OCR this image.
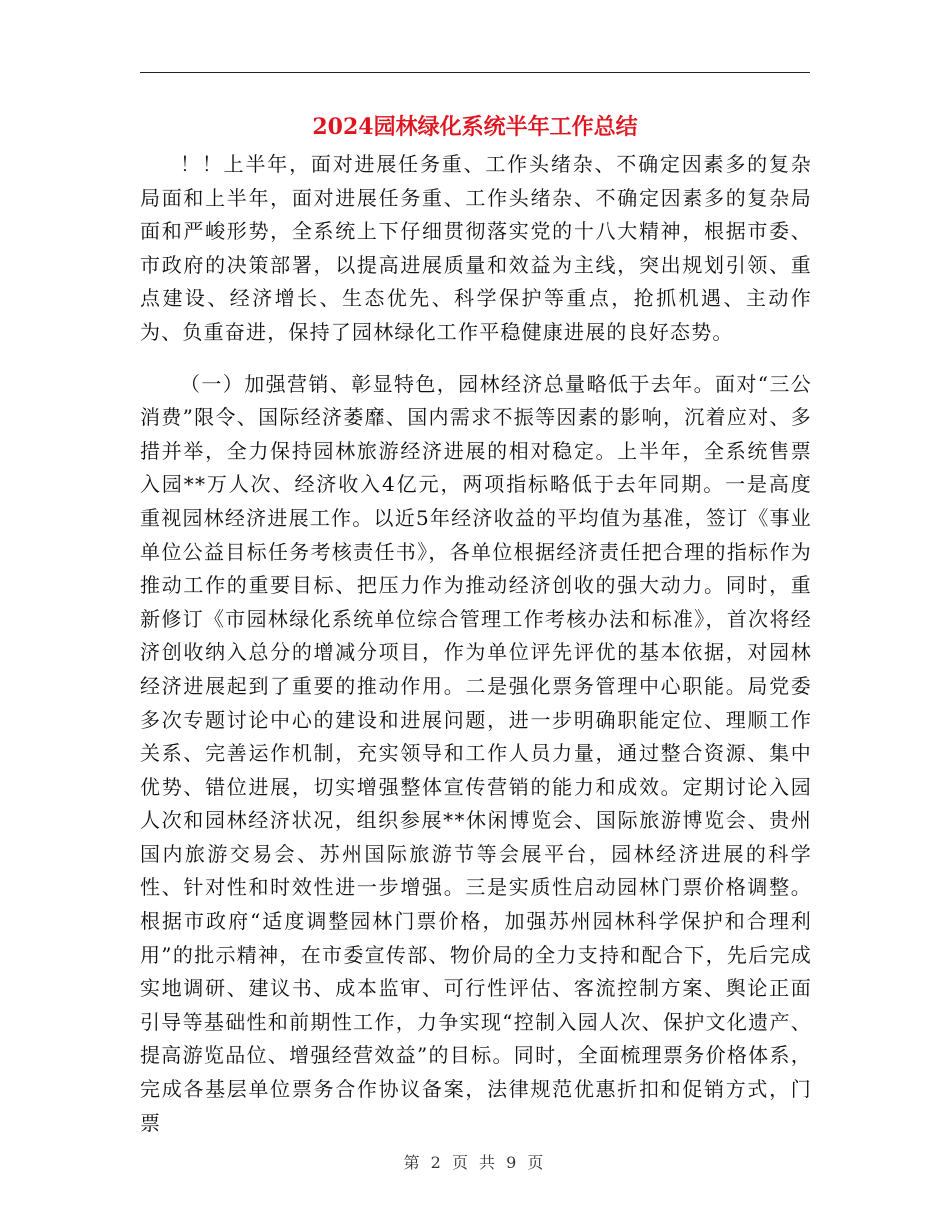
2024园林绿化系统半年工作总结

！！上半年，面对进展任务重、工作头绪杂、不确定因素多的复杂局面和上半年，面对进展任务重、工作头绪杂、不确定因素多的复杂局面和严峻形势，全系统上下仔细贯彻落实党的十八大精神，根据市委、市政府的决策部署，以提高进展质量和效益为主线，突出规划引领、重点建设、经济增长、生态优先、科学保护等重点，抢抓机遇、主动作为、负重奋进，保持了园林绿化工作平稳健康进展的良好态势。

（一）加强营销、彰显特色，园林经济总量略低于去年。面对“三公消费”限令、国际经济萎靡、国内需求不振等因素的影响，沉着应对、多措并举，全力保持园林旅游经济进展的相对稳定。上半年，全系统售票入园**万人次、经济收入4亿元，两项指标略低于去年同期。一是高度重视园林经济进展工作。以近5年经济收益的平均值为基准，签订《事业单位公益目标任务考核责任书》，各单位根据经济责任把合理的指标作为推动工作的重要目标、把压力作为推动经济创收的强大动力。同时，重新修订《市园林绿化系统单位综合管理工作考核办法和标准》，首次将经济创收纳入总分的增减分项目，作为单位评先评优的基本依据，对园林经济进展起到了重要的推动作用。二是强化票务管理中心职能。局党委多次专题讨论中心的建设和进展问题，进一步明确职能定位、理顺工作关系、完善运作机制，充实领导和工作人员力量，通过整合资源、集中优势、错位进展，切实增强整体宣传营销的能力和成效。定期讨论入园人次和园林经济状况，组织参展**休闲博览会、国际旅游博览会、贵州国内旅游交易会、苏州国际旅游节等会展平台，园林经济进展的科学性、针对性和时效性进一步增强。三是实质性启动园林门票价格调整。根据市政府“适度调整园林门票价格，加强苏州园林科学保护和合理利用”的批示精神，在市委宣传部、物价局的全力支持和配合下，先后完成实地调研、建议书、成本监审、可行性评估、客流控制方案、舆论正面引导等基础性和前期性工作，力争实现“控制入园人次、保护文化遗产、提高游览品位、增强经营效益”的目标。同时，全面梳理票务价格体系，完成各基层单位票务合作协议备案，法律规范优惠折扣和促销方式，门票

第 2 页 共 9 页
